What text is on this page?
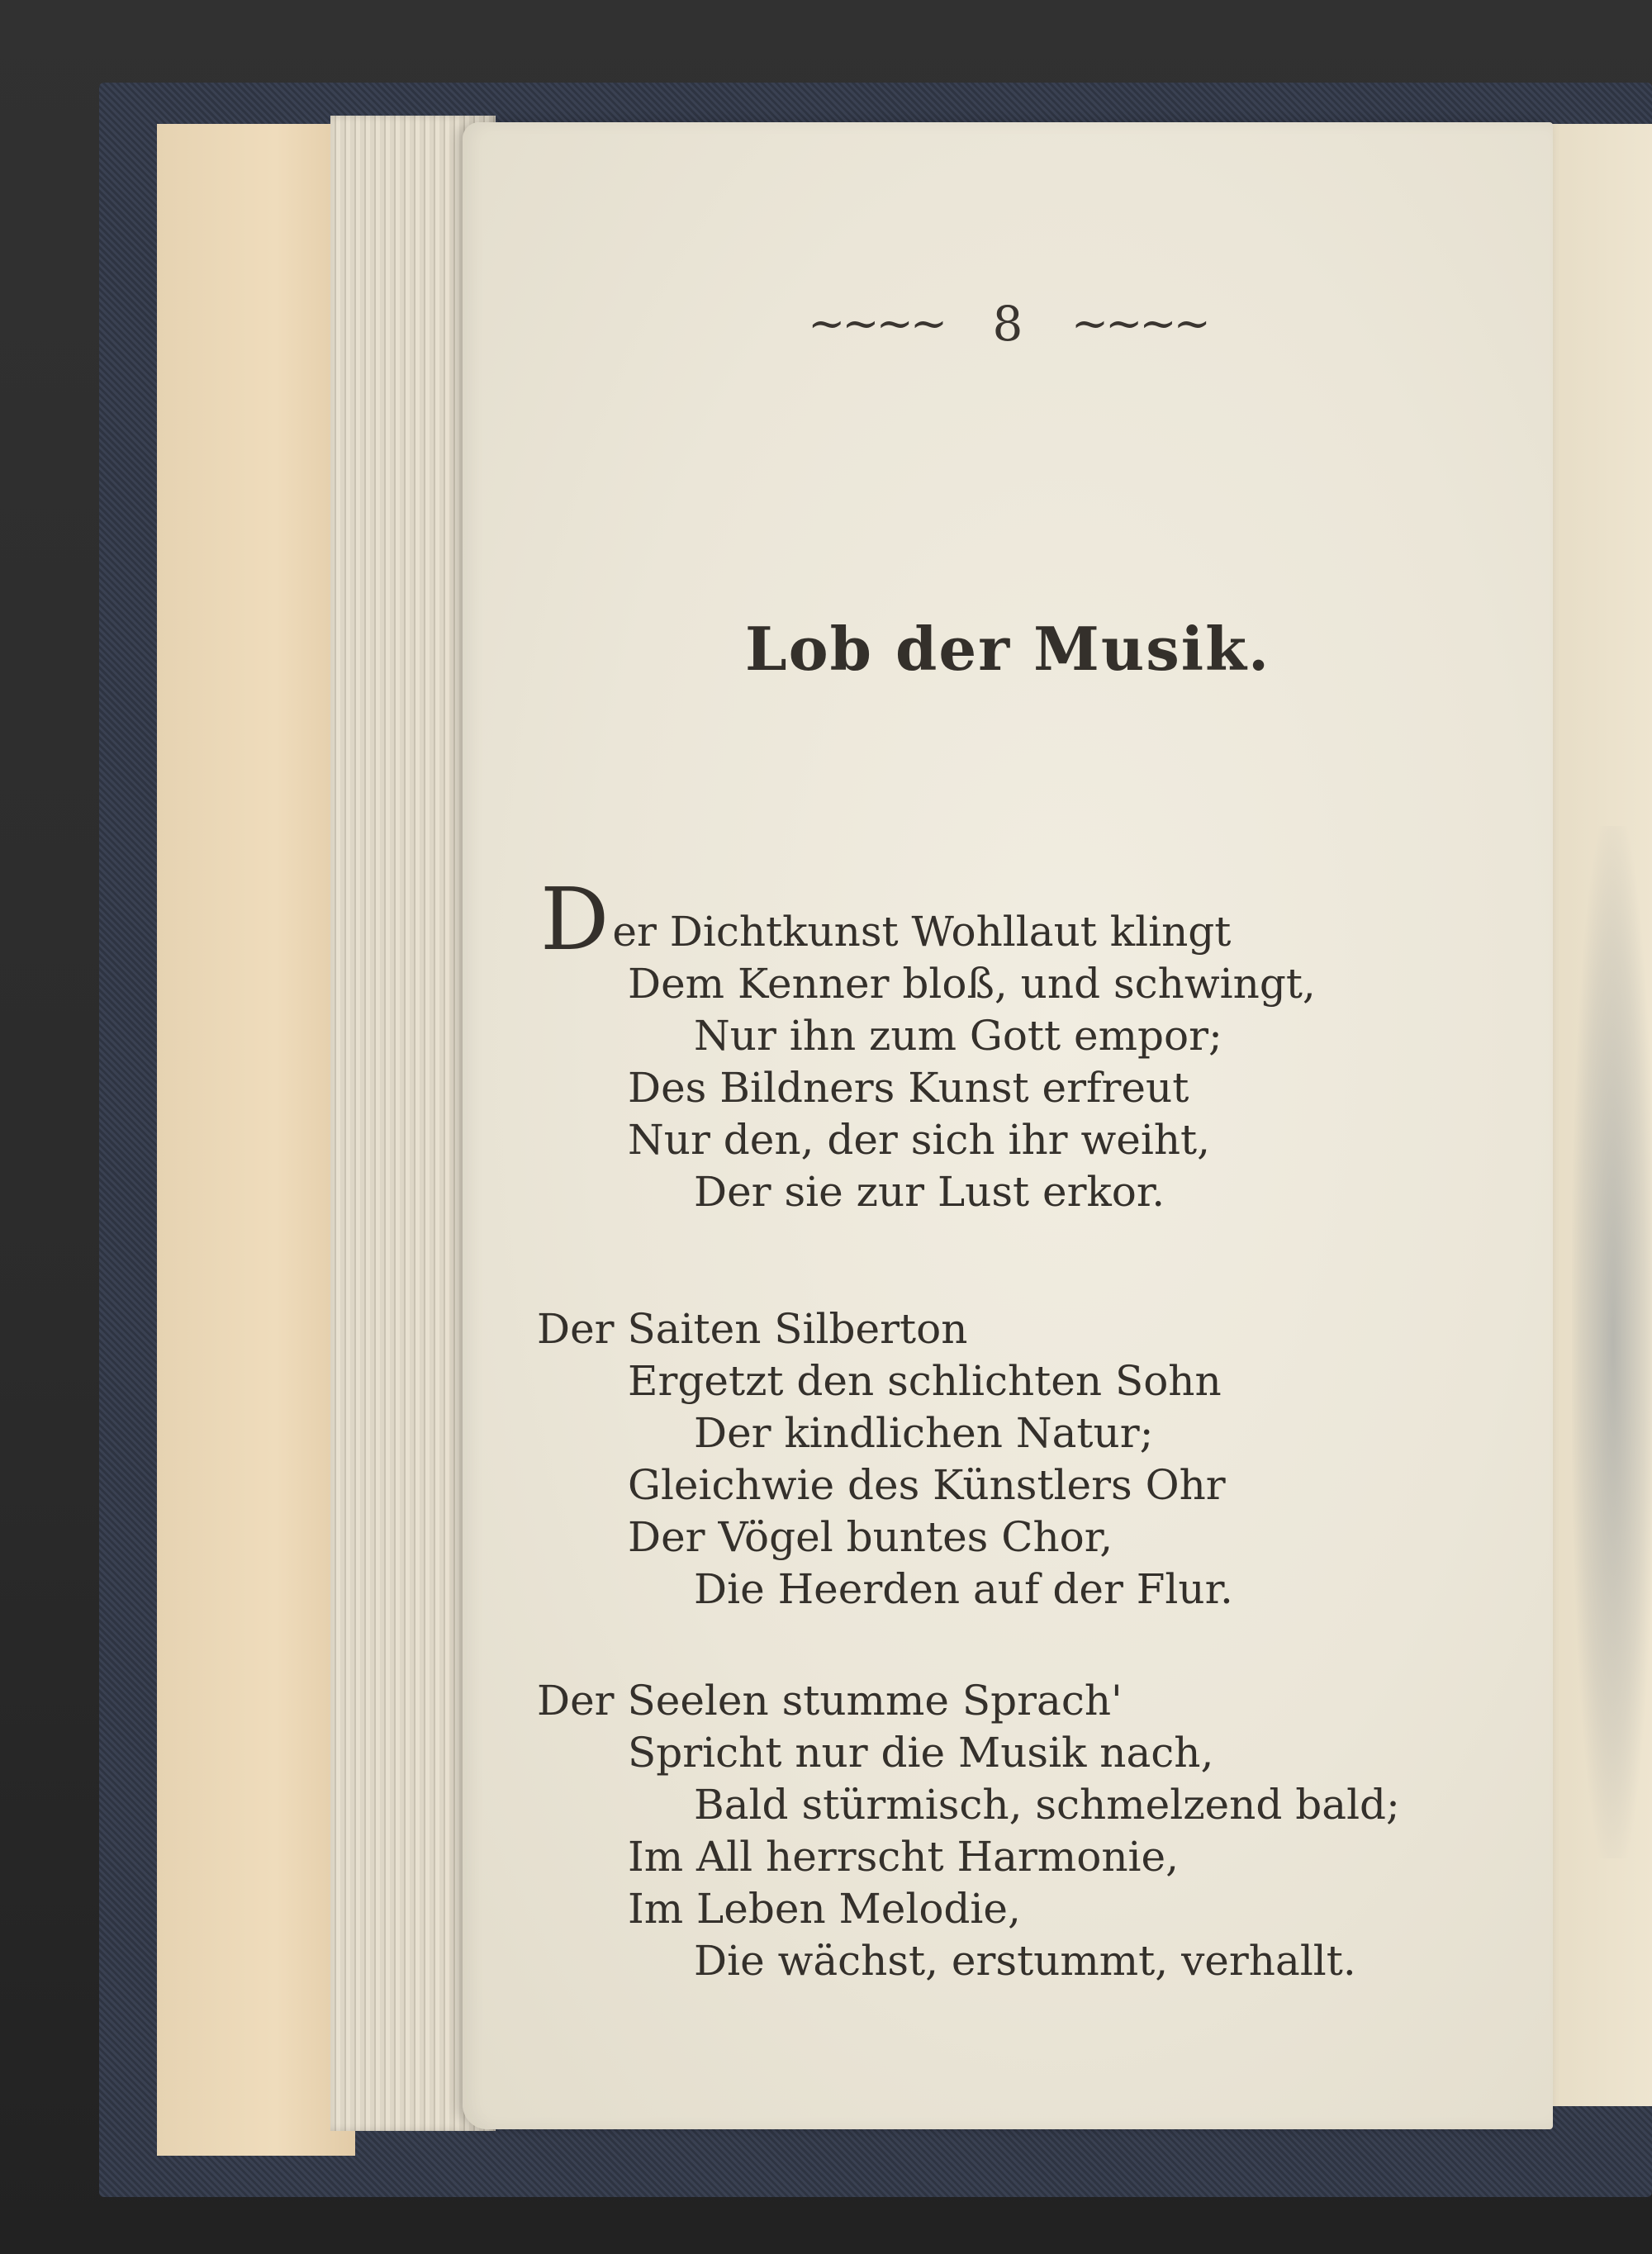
~~~~ 8 ~~~~
Lob der Musik.
Der Dichtkunst Wohllaut klingt
Dem Kenner bloß, und schwingt,
Nur ihn zum Gott empor;
Des Bildners Kunst erfreut
Nur den, der sich ihr weiht,
Der sie zur Lust erkor.
Der Saiten Silberton
Ergetzt den schlichten Sohn
Der kindlichen Natur;
Gleichwie des Künstlers Ohr
Der Vögel buntes Chor,
Die Heerden auf der Flur.
Der Seelen stumme Sprach'
Spricht nur die Musik nach,
Bald stürmisch, schmelzend bald;
Im All herrscht Harmonie,
Im Leben Melodie,
Die wächst, erstummt, verhallt.
